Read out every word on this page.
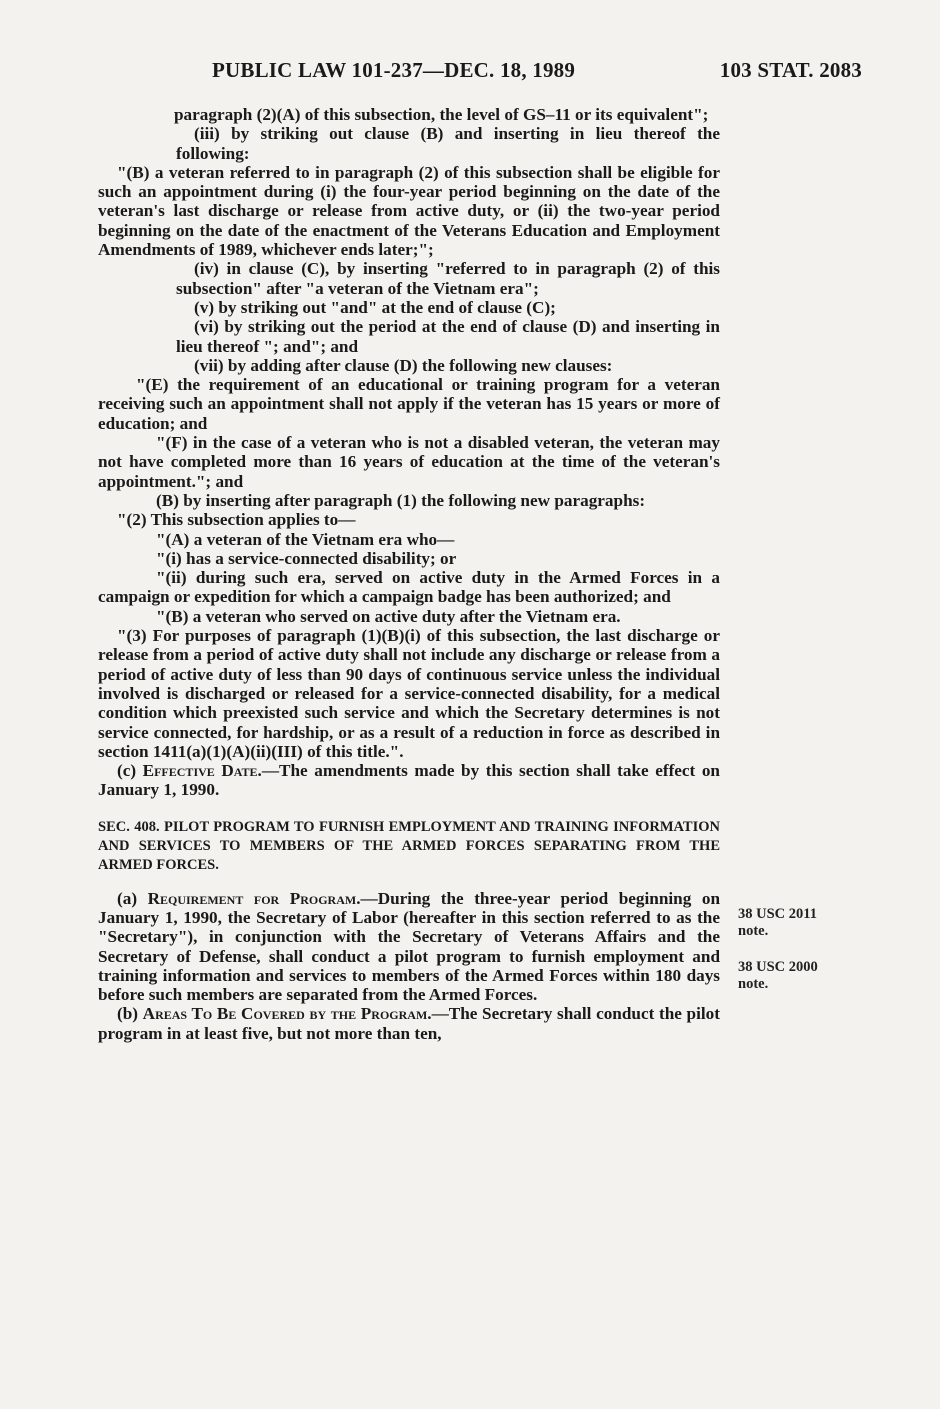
PUBLIC LAW 101-237—DEC. 18, 1989	103 STAT. 2083

paragraph (2)(A) of this subsection, the level of GS–11 or its equivalent";

(iii) by striking out clause (B) and inserting in lieu thereof the following:

"(B) a veteran referred to in paragraph (2) of this subsection shall be eligible for such an appointment during (i) the four-year period beginning on the date of the veteran's last discharge or release from active duty, or (ii) the two-year period beginning on the date of the enactment of the Veterans Education and Employment Amendments of 1989, whichever ends later;";

(iv) in clause (C), by inserting "referred to in paragraph (2) of this subsection" after "a veteran of the Vietnam era";

(v) by striking out "and" at the end of clause (C);

(vi) by striking out the period at the end of clause (D) and inserting in lieu thereof "; and"; and

(vii) by adding after clause (D) the following new clauses:

"(E) the requirement of an educational or training program for a veteran receiving such an appointment shall not apply if the veteran has 15 years or more of education; and

"(F) in the case of a veteran who is not a disabled veteran, the veteran may not have completed more than 16 years of education at the time of the veteran's appointment."; and

(B) by inserting after paragraph (1) the following new paragraphs:

"(2) This subsection applies to—

"(A) a veteran of the Vietnam era who—

"(i) has a service-connected disability; or

"(ii) during such era, served on active duty in the Armed Forces in a campaign or expedition for which a campaign badge has been authorized; and

"(B) a veteran who served on active duty after the Vietnam era.

"(3) For purposes of paragraph (1)(B)(i) of this subsection, the last discharge or release from a period of active duty shall not include any discharge or release from a period of active duty of less than 90 days of continuous service unless the individual involved is discharged or released for a service-connected disability, for a medical condition which preexisted such service and which the Secretary determines is not service connected, for hardship, or as a result of a reduction in force as described in section 1411(a)(1)(A)(ii)(III) of this title.".

(c) Effective Date.—The amendments made by this section shall take effect on January 1, 1990.

SEC. 408. PILOT PROGRAM TO FURNISH EMPLOYMENT AND TRAINING INFORMATION AND SERVICES TO MEMBERS OF THE ARMED FORCES SEPARATING FROM THE ARMED FORCES.

(a) Requirement for Program.—During the three-year period beginning on January 1, 1990, the Secretary of Labor (hereafter in this section referred to as the "Secretary"), in conjunction with the Secretary of Veterans Affairs and the Secretary of Defense, shall conduct a pilot program to furnish employment and training information and services to members of the Armed Forces within 180 days before such members are separated from the Armed Forces.

(b) Areas To Be Covered by the Program.—The Secretary shall conduct the pilot program in at least five, but not more than ten,

38 USC 2011 note.
38 USC 2000 note.
